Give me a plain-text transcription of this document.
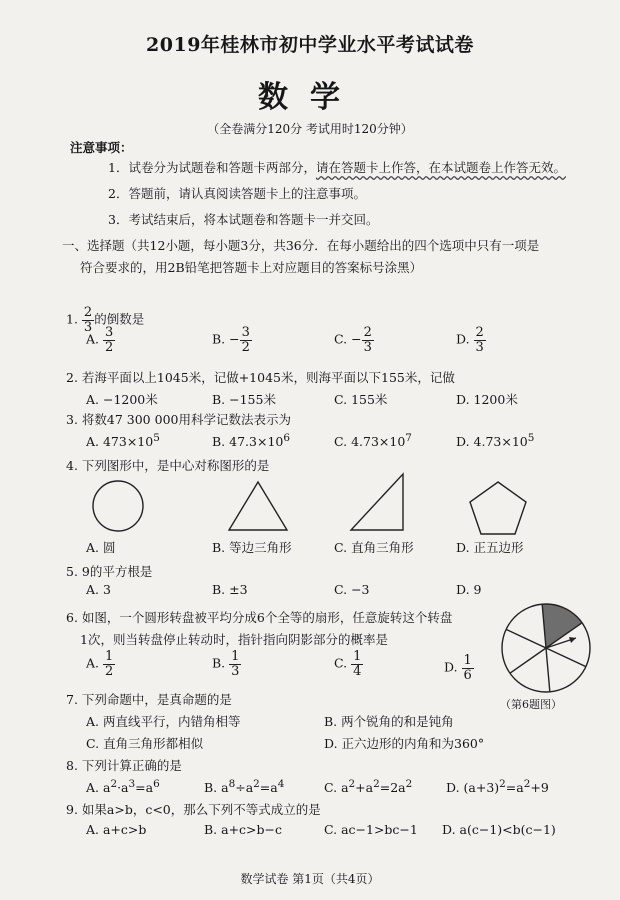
2019年桂林市初中学业水平考试试卷
数学
（全卷满分120分 考试用时120分钟）
注意事项：
1．试卷分为试题卷和答题卡两部分，请在答题卡上作答，在本试题卷上作答无效。
2．答题前，请认真阅读答题卡上的注意事项。
3．考试结束后，将本试题卷和答题卡一并交回。
一、选择题（共12小题，每小题3分，共36分．在每小题给出的四个选项中只有一项是
符合要求的，用2B铅笔把答题卡上对应题目的答案标号涂黑）
1. $\frac{2}{3}$ 的倒数是
A. $\frac{3}{2}$	B. − $\frac{3}{2}$	C. − $\frac{2}{3}$	D. $\frac{2}{3}$
2. 若海平面以上1045米，记做+1045米，则海平面以下155米，记做
A. −1200米	B. −155米	C. 155米	D. 1200米
3. 将数47 300 000用科学记数法表示为
A. $473\times 10^5$	B. $47.3\times 10^6$	C. $4.73\times 10^7$	D. $4.73\times 10^5$
4. 下列图形中，是中心对称图形的是
A. 圆	B. 等边三角形	C. 直角三角形	D. 正五边形
5. 9的平方根是
A. 3	B. ±3	C. −3	D. 9
6. 如图，一个圆形转盘被平均分成6个全等的扇形，任意旋转这个转盘
1次，则当转盘停止转动时，指针指向阴影部分的概率是
A. $\frac{1}{2}$	B. $\frac{1}{3}$	C. $\frac{1}{4}$	D. $\frac{1}{6}$
（第6题图）
7. 下列命题中，是真命题的是
A. 两直线平行，内错角相等	B. 两个锐角的和是钝角
C. 直角三角形都相似	D. 正六边形的内角和为360°
8. 下列计算正确的是
A. $a^2\cdot a^3=a^6$	B. $a^8\div a^2=a^4$	C. $a^2+a^2=2a^2$	D. $(a+3)^2=a^2+9$
9. 如果a>b，c<0，那么下列不等式成立的是
A. a+c>b	B. a+c>b−c	C. ac−1>bc−1 D. a(c−1)<b(c−1)
数学试卷 第1页（共4页）
